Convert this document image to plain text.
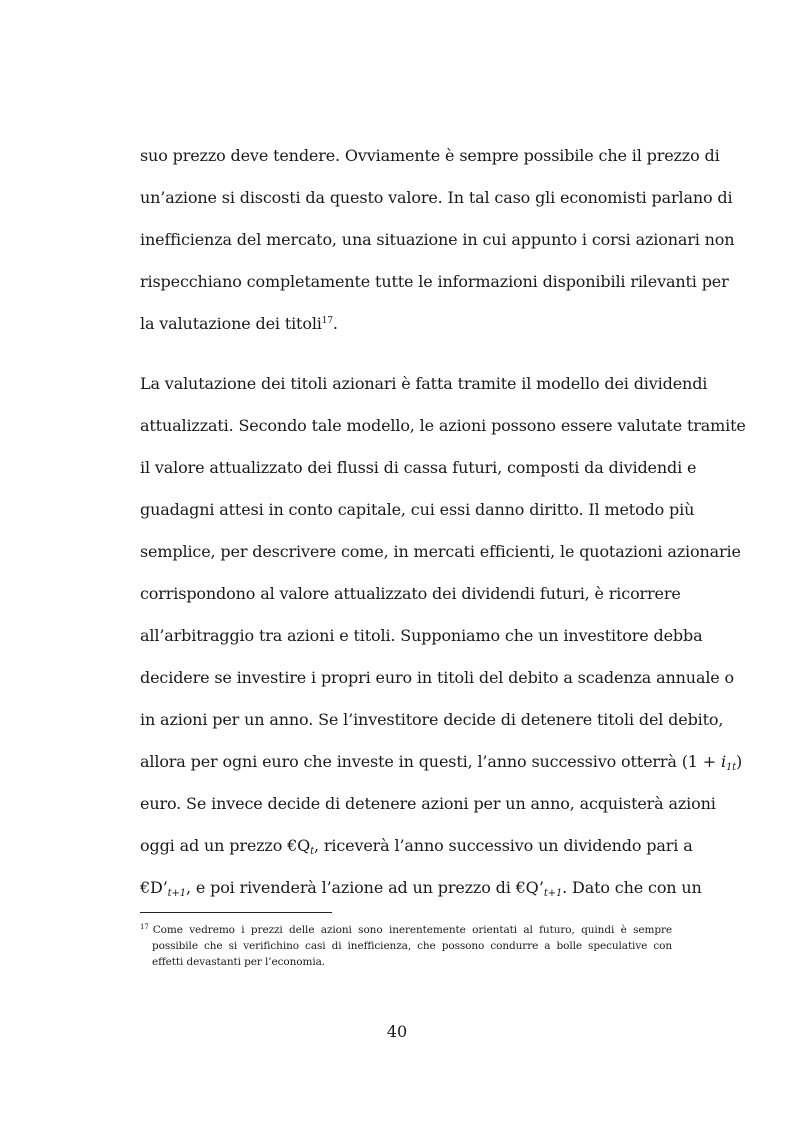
suo prezzo deve tendere. Ovviamente è sempre possibile che il prezzo di
un’azione si discosti da questo valore. In tal caso gli economisti parlano di
inefficienza del mercato, una situazione in cui appunto i corsi azionari non
rispecchiano completamente tutte le informazioni disponibili rilevanti per
la valutazione dei titoli$^{17}$.
La valutazione dei titoli azionari è fatta tramite il modello dei dividendi
attualizzati. Secondo tale modello, le azioni possono essere valutate tramite
il valore attualizzato dei flussi di cassa futuri, composti da dividendi e
guadagni attesi in conto capitale, cui essi danno diritto. Il metodo più
semplice, per descrivere come, in mercati efficienti, le quotazioni azionarie
corrispondono al valore attualizzato dei dividendi futuri, è ricorrere
all’arbitraggio tra azioni e titoli. Supponiamo che un investitore debba
decidere se investire i propri euro in titoli del debito a scadenza annuale o
in azioni per un anno. Se l’investitore decide di detenere titoli del debito,
allora per ogni euro che investe in questi, l’anno successivo otterrà (1 + i1t)
euro. Se invece decide di detenere azioni per un anno, acquisterà azioni
oggi ad un prezzo €Qt, riceverà l’anno successivo un dividendo pari a
€D’t+1, e poi rivenderà l’azione ad un prezzo di €Q’t+1. Dato che con un
$^{17}$ Come vedremo i prezzi delle azioni sono inerentemente orientati al futuro, quindi è sempre
possibile che si verifichino casi di inefficienza, che possono condurre a bolle speculative con
effetti devastanti per l’economia.
40
